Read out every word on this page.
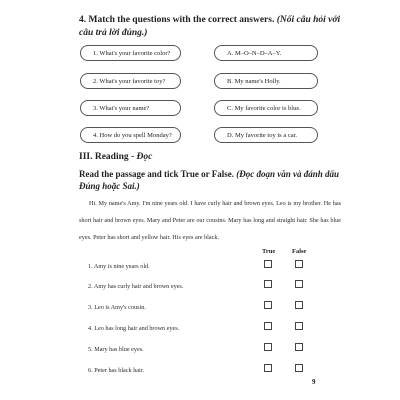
4. Match the questions with the correct answers. (Nối câu hỏi với câu trả lời đúng.)
1. What's your favorite color?
2. What's your favorite toy?
3. What's your name?
4. How do you spell Monday?
A. M–O–N–D–A–Y.
B. My name's Holly.
C. My favorite color is blue.
D. My favorite toy is a car.
III. Reading - Đọc
Read the passage and tick True or False. (Đọc đoạn văn và đánh dấu Đúng hoặc Sai.)
Hi. My name's Amy. I'm nine years old. I have curly hair and brown eyes. Leo is my brother. He has short hair and brown eyes. Mary and Peter are our cousins. Mary has long and straight hair. She has blue eyes. Peter has short and yellow hair. His eyes are black.
True	False
1. Amy is nine years old.
2. Amy has curly hair and brown eyes.
3. Leo is Amy's cousin.
4. Leo has long hair and brown eyes.
5. Mary has blue eyes.
6. Peter has black hair.
9
